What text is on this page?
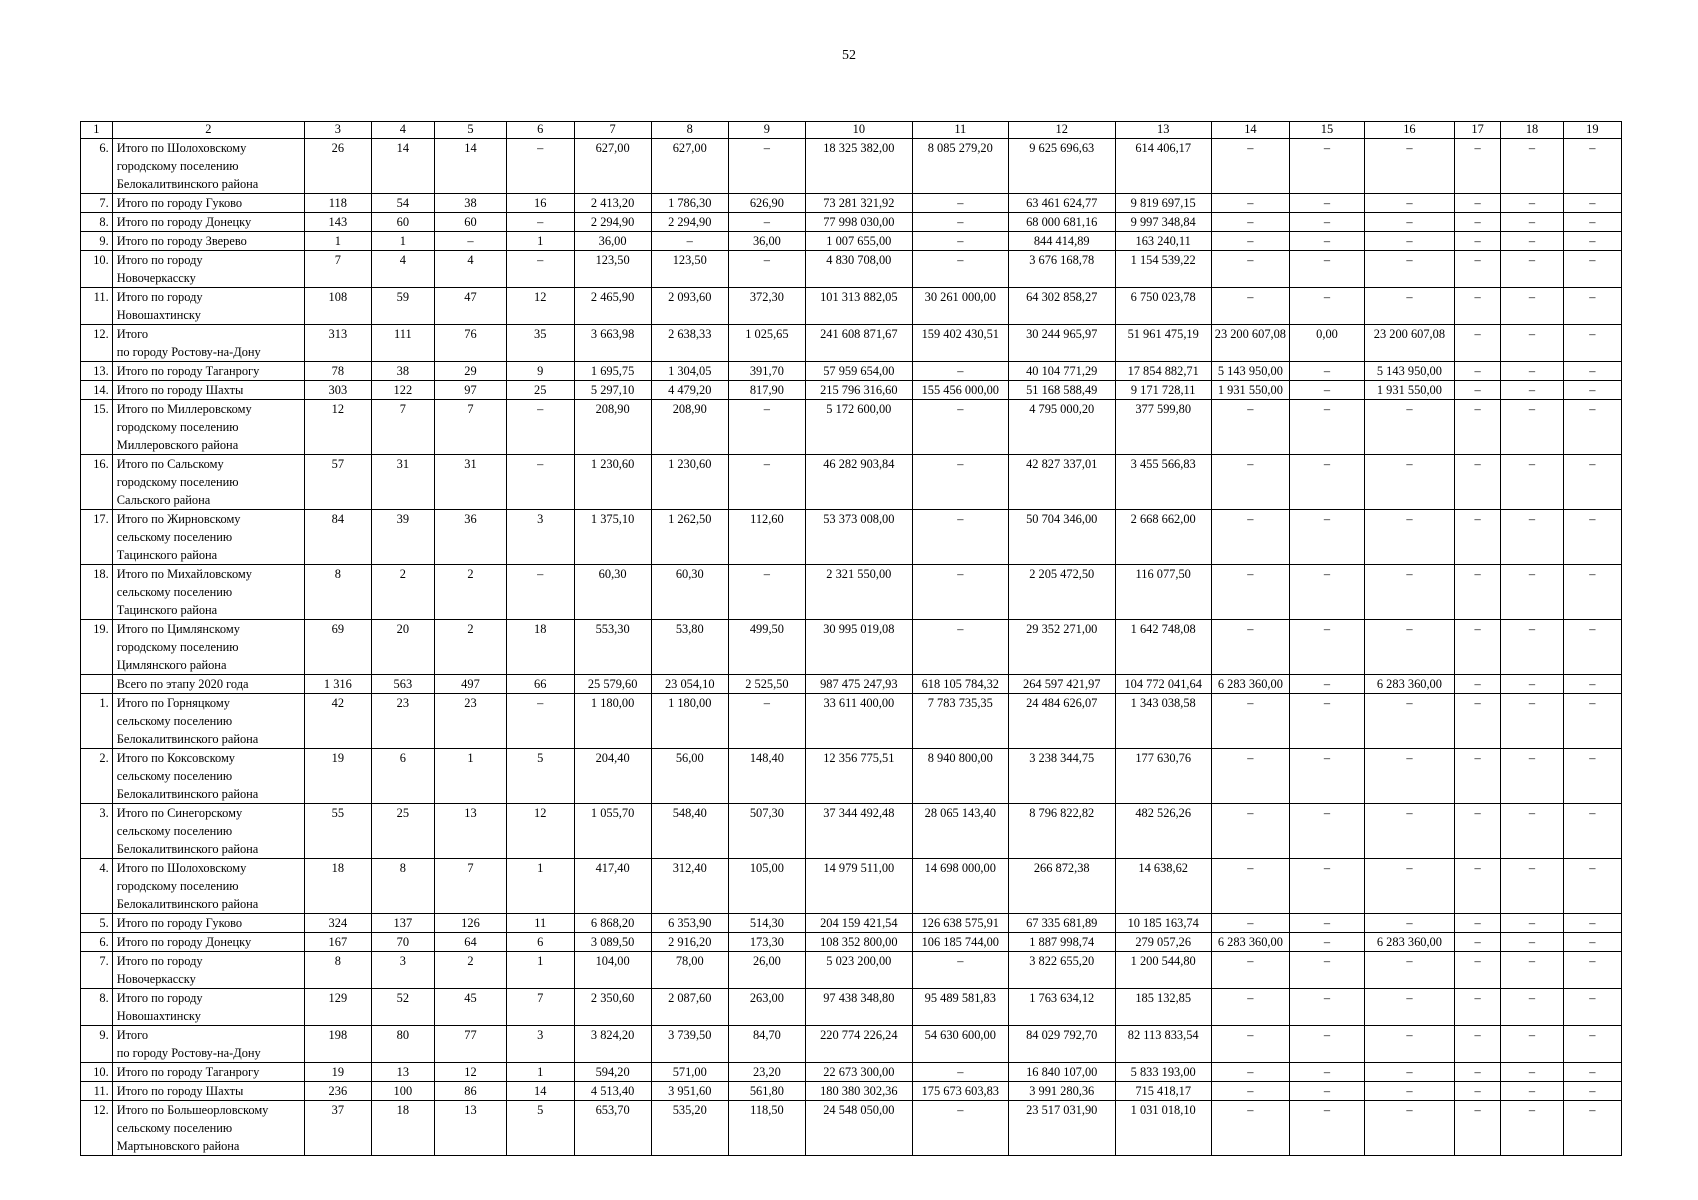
52
1	2	3	4	5	6	7	8	9	10	11	12	13	14	15	16	17	18	19
6.	Итого по Шолоховскому
городскому поселению
Белокалитвинского района	26	14	14	–	627,00	627,00	–	18 325 382,00	8 085 279,20	9 625 696,63	614 406,17	–	–	–	–	–	–
7.	Итого по городу Гуково	118	54	38	16	2 413,20	1 786,30	626,90	73 281 321,92	–	63 461 624,77	9 819 697,15	–	–	–	–	–	–
8.	Итого по городу Донецку	143	60	60	–	2 294,90	2 294,90	–	77 998 030,00	–	68 000 681,16	9 997 348,84	–	–	–	–	–	–
9.	Итого по городу Зверево	1	1	–	1	36,00	–	36,00	1 007 655,00	–	844 414,89	163 240,11	–	–	–	–	–	–
10.	Итого по городу
Новочеркасску	7	4	4	–	123,50	123,50	–	4 830 708,00	–	3 676 168,78	1 154 539,22	–	–	–	–	–	–
11.	Итого по городу
Новошахтинску	108	59	47	12	2 465,90	2 093,60	372,30	101 313 882,05	30 261 000,00	64 302 858,27	6 750 023,78	–	–	–	–	–	–
12.	Итого
по городу Ростову-на-Дону	313	111	76	35	3 663,98	2 638,33	1 025,65	241 608 871,67	159 402 430,51	30 244 965,97	51 961 475,19	23 200 607,08	0,00	23 200 607,08	–	–	–
13.	Итого по городу Таганрогу	78	38	29	9	1 695,75	1 304,05	391,70	57 959 654,00	–	40 104 771,29	17 854 882,71	5 143 950,00	–	5 143 950,00	–	–	–
14.	Итого по городу Шахты	303	122	97	25	5 297,10	4 479,20	817,90	215 796 316,60	155 456 000,00	51 168 588,49	9 171 728,11	1 931 550,00	–	1 931 550,00	–	–	–
15.	Итого по Миллеровскому
городскому поселению
Миллеровского района	12	7	7	–	208,90	208,90	–	5 172 600,00	–	4 795 000,20	377 599,80	–	–	–	–	–	–
16.	Итого по Сальскому
городскому поселению
Сальского района	57	31	31	–	1 230,60	1 230,60	–	46 282 903,84	–	42 827 337,01	3 455 566,83	–	–	–	–	–	–
17.	Итого по Жирновскому
сельскому поселению
Тацинского района	84	39	36	3	1 375,10	1 262,50	112,60	53 373 008,00	–	50 704 346,00	2 668 662,00	–	–	–	–	–	–
18.	Итого по Михайловскому
сельскому поселению
Тацинского района	8	2	2	–	60,30	60,30	–	2 321 550,00	–	2 205 472,50	116 077,50	–	–	–	–	–	–
19.	Итого по Цимлянскому
городскому поселению
Цимлянского района	69	20	2	18	553,30	53,80	499,50	30 995 019,08	–	29 352 271,00	1 642 748,08	–	–	–	–	–	–

	Всего по этапу 2020 года	1 316	563	497	66	25 579,60	23 054,10	2 525,50	987 475 247,93	618 105 784,32	264 597 421,97	104 772 041,64	6 283 360,00	–	6 283 360,00	–	–	–
1.	Итого по Горняцкому
сельскому поселению
Белокалитвинского района	42	23	23	–	1 180,00	1 180,00	–	33 611 400,00	7 783 735,35	24 484 626,07	1 343 038,58	–	–	–	–	–	–
2.	Итого по Коксовскому
сельскому поселению
Белокалитвинского района	19	6	1	5	204,40	56,00	148,40	12 356 775,51	8 940 800,00	3 238 344,75	177 630,76	–	–	–	–	–	–
3.	Итого по Синегорскому
сельскому поселению
Белокалитвинского района	55	25	13	12	1 055,70	548,40	507,30	37 344 492,48	28 065 143,40	8 796 822,82	482 526,26	–	–	–	–	–	–
4.	Итого по Шолоховскому
городскому поселению
Белокалитвинского района	18	8	7	1	417,40	312,40	105,00	14 979 511,00	14 698 000,00	266 872,38	14 638,62	–	–	–	–	–	–
5.	Итого по городу Гуково	324	137	126	11	6 868,20	6 353,90	514,30	204 159 421,54	126 638 575,91	67 335 681,89	10 185 163,74	–	–	–	–	–	–
6.	Итого по городу Донецку	167	70	64	6	3 089,50	2 916,20	173,30	108 352 800,00	106 185 744,00	1 887 998,74	279 057,26	6 283 360,00	–	6 283 360,00	–	–	–
7.	Итого по городу
Новочеркасску	8	3	2	1	104,00	78,00	26,00	5 023 200,00	–	3 822 655,20	1 200 544,80	–	–	–	–	–	–
8.	Итого по городу
Новошахтинску	129	52	45	7	2 350,60	2 087,60	263,00	97 438 348,80	95 489 581,83	1 763 634,12	185 132,85	–	–	–	–	–	–
9.	Итого
по городу Ростову-на-Дону	198	80	77	3	3 824,20	3 739,50	84,70	220 774 226,24	54 630 600,00	84 029 792,70	82 113 833,54	–	–	–	–	–	–
10.	Итого по городу Таганрогу	19	13	12	1	594,20	571,00	23,20	22 673 300,00	–	16 840 107,00	5 833 193,00	–	–	–	–	–	–
11.	Итого по городу Шахты	236	100	86	14	4 513,40	3 951,60	561,80	180 380 302,36	175 673 603,83	3 991 280,36	715 418,17	–	–	–	–	–	–
12.	Итого по Большеорловскому
сельскому поселению
Мартыновского района	37	18	13	5	653,70	535,20	118,50	24 548 050,00	–	23 517 031,90	1 031 018,10	–	–	–	–	–	–
